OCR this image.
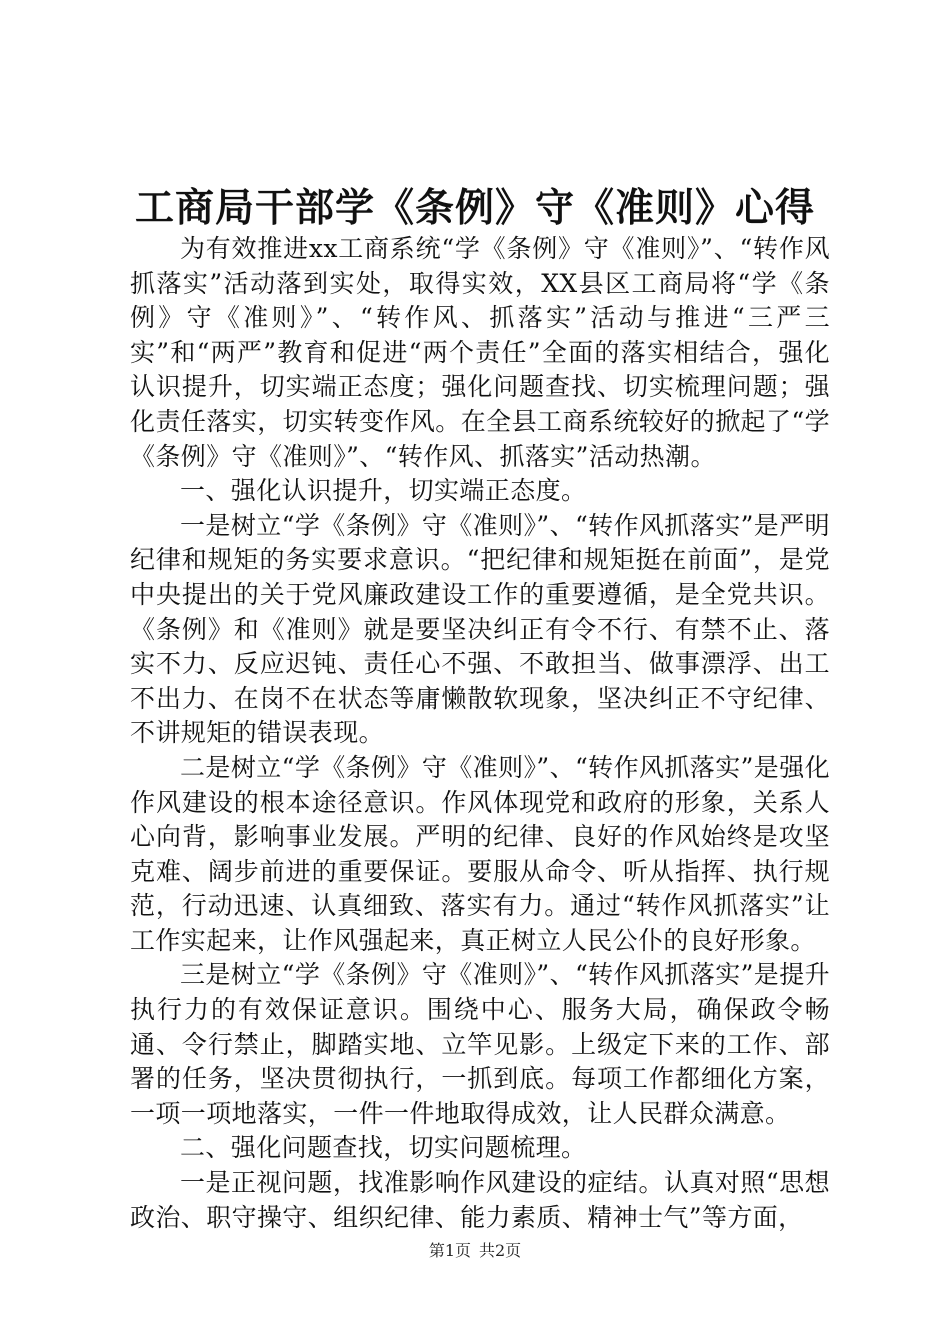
工商局干部学《条例》守《准则》心得

为有效推进xx工商系统“学《条例》守《准则》”、“转作风抓落实”活动落到实处，取得实效，XX县区工商局将“学《条例》守《准则》”、“转作风、抓落实”活动与推进“三严三实”和“两严”教育和促进“两个责任”全面的落实相结合，强化认识提升，切实端正态度；强化问题查找、切实梳理问题；强化责任落实，切实转变作风。在全县工商系统较好的掀起了“学《条例》守《准则》”、“转作风、抓落实”活动热潮。

一、强化认识提升，切实端正态度。

一是树立“学《条例》守《准则》”、“转作风抓落实”是严明纪律和规矩的务实要求意识。“把纪律和规矩挺在前面”，是党中央提出的关于党风廉政建设工作的重要遵循，是全党共识。《条例》和《准则》就是要坚决纠正有令不行、有禁不止、落实不力、反应迟钝、责任心不强、不敢担当、做事漂浮、出工不出力、在岗不在状态等庸懒散软现象，坚决纠正不守纪律、不讲规矩的错误表现。

二是树立“学《条例》守《准则》”、“转作风抓落实”是强化作风建设的根本途径意识。作风体现党和政府的形象，关系人心向背，影响事业发展。严明的纪律、良好的作风始终是攻坚克难、阔步前进的重要保证。要服从命令、听从指挥、执行规范，行动迅速、认真细致、落实有力。通过“转作风抓落实”让工作实起来，让作风强起来，真正树立人民公仆的良好形象。

三是树立“学《条例》守《准则》”、“转作风抓落实”是提升执行力的有效保证意识。围绕中心、服务大局，确保政令畅通、令行禁止，脚踏实地、立竿见影。上级定下来的工作、部署的任务，坚决贯彻执行，一抓到底。每项工作都细化方案，一项一项地落实，一件一件地取得成效，让人民群众满意。

二、强化问题查找，切实问题梳理。

一是正视问题，找准影响作风建设的症结。认真对照“思想政治、职守操守、组织纪律、能力素质、精神士气”等方面，

第1页 共2页
